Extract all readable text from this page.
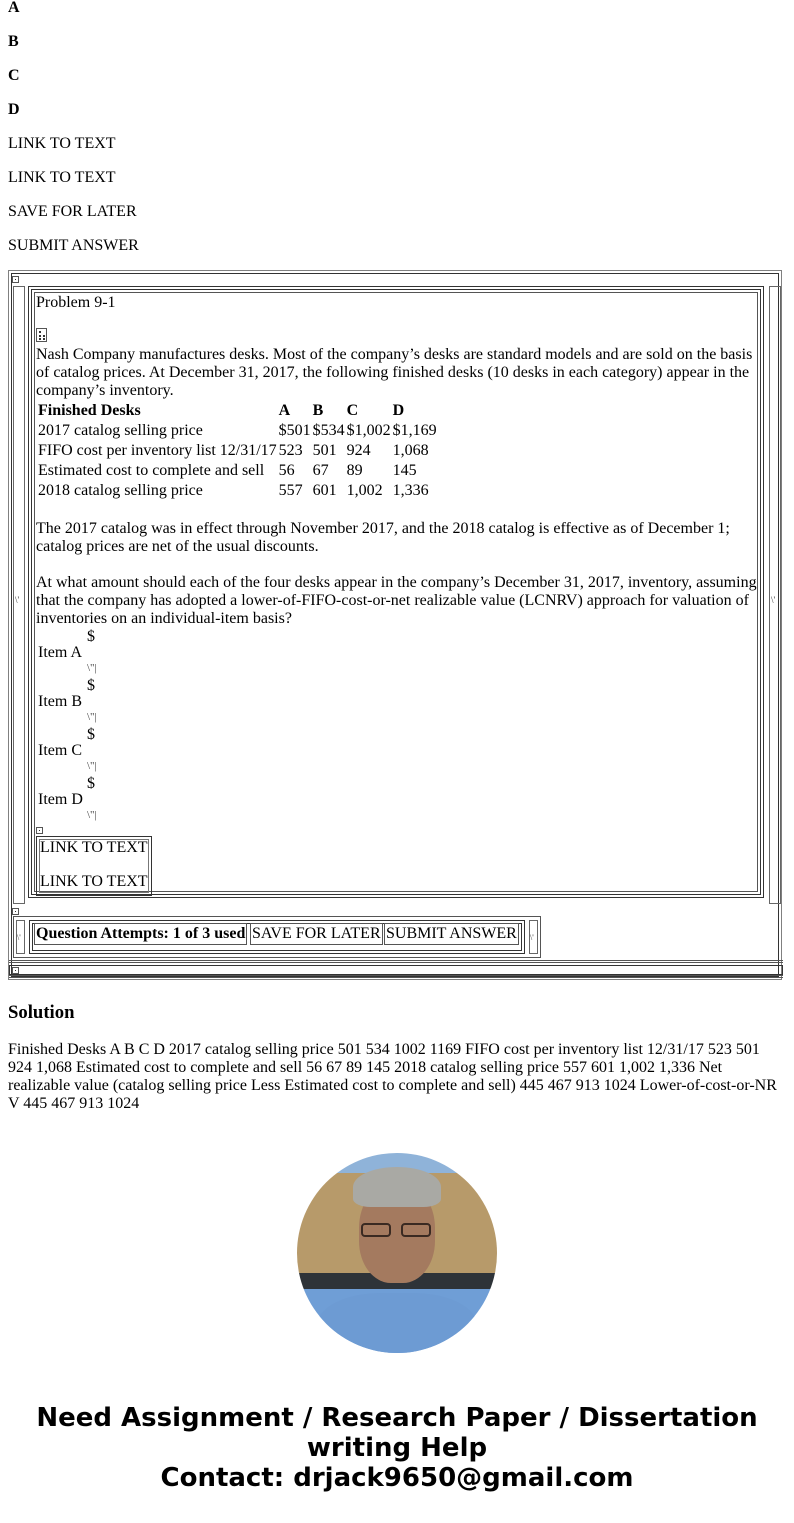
A
B
C
D
LINK TO TEXT
LINK TO TEXT
SAVE FOR LATER
SUBMIT ANSWER
\'	\'
Problem 9-1

Nash Company manufactures desks. Most of the company’s desks are standard models and are sold on the basis of catalog prices. At December 31, 2017, the following finished desks (10 desks in each category) appear in the company’s inventory.

Finished Desks	A	B	C	D
2017 catalog selling price	$501	$534	$1,002	$1,169
FIFO cost per inventory list 12/31/17	523	501	924	1,068
Estimated cost to complete and sell	56	67	89	145
2018 catalog selling price	557	601	1,002	1,336

The 2017 catalog was in effect through November 2017, and the 2018 catalog is effective as of December 1; catalog prices are net of the usual discounts.

At what amount should each of the four desks appear in the company’s December 31, 2017, inventory, assuming that the company has adopted a lower-of-FIFO-cost-or-net realizable value (LCNRV) approach for valuation of inventories on an individual-item basis?

$
Item A
\"|
$
Item B
\"|
$
Item C
\"|
$
Item D
\"|
LINK TO TEXT
LINK TO TEXT
\'	\'
Question Attempts: 1 of 3 used SAVE FOR LATER SUBMIT ANSWER
Solution

Finished Desks A B C D 2017 catalog selling price 501 534 1002 1169 FIFO cost per inventory list 12/31/17 523 501 924 1,068 Estimated cost to complete and sell 56 67 89 145 2018 catalog selling price 557 601 1,002 1,336 Net realizable value (catalog selling price Less Estimated cost to complete and sell) 445 467 913 1024 Lower-of-cost-or-NR V 445 467 913 1024

Need Assignment / Research Paper / Dissertation
writing Help
Contact: drjack9650@gmail.com
